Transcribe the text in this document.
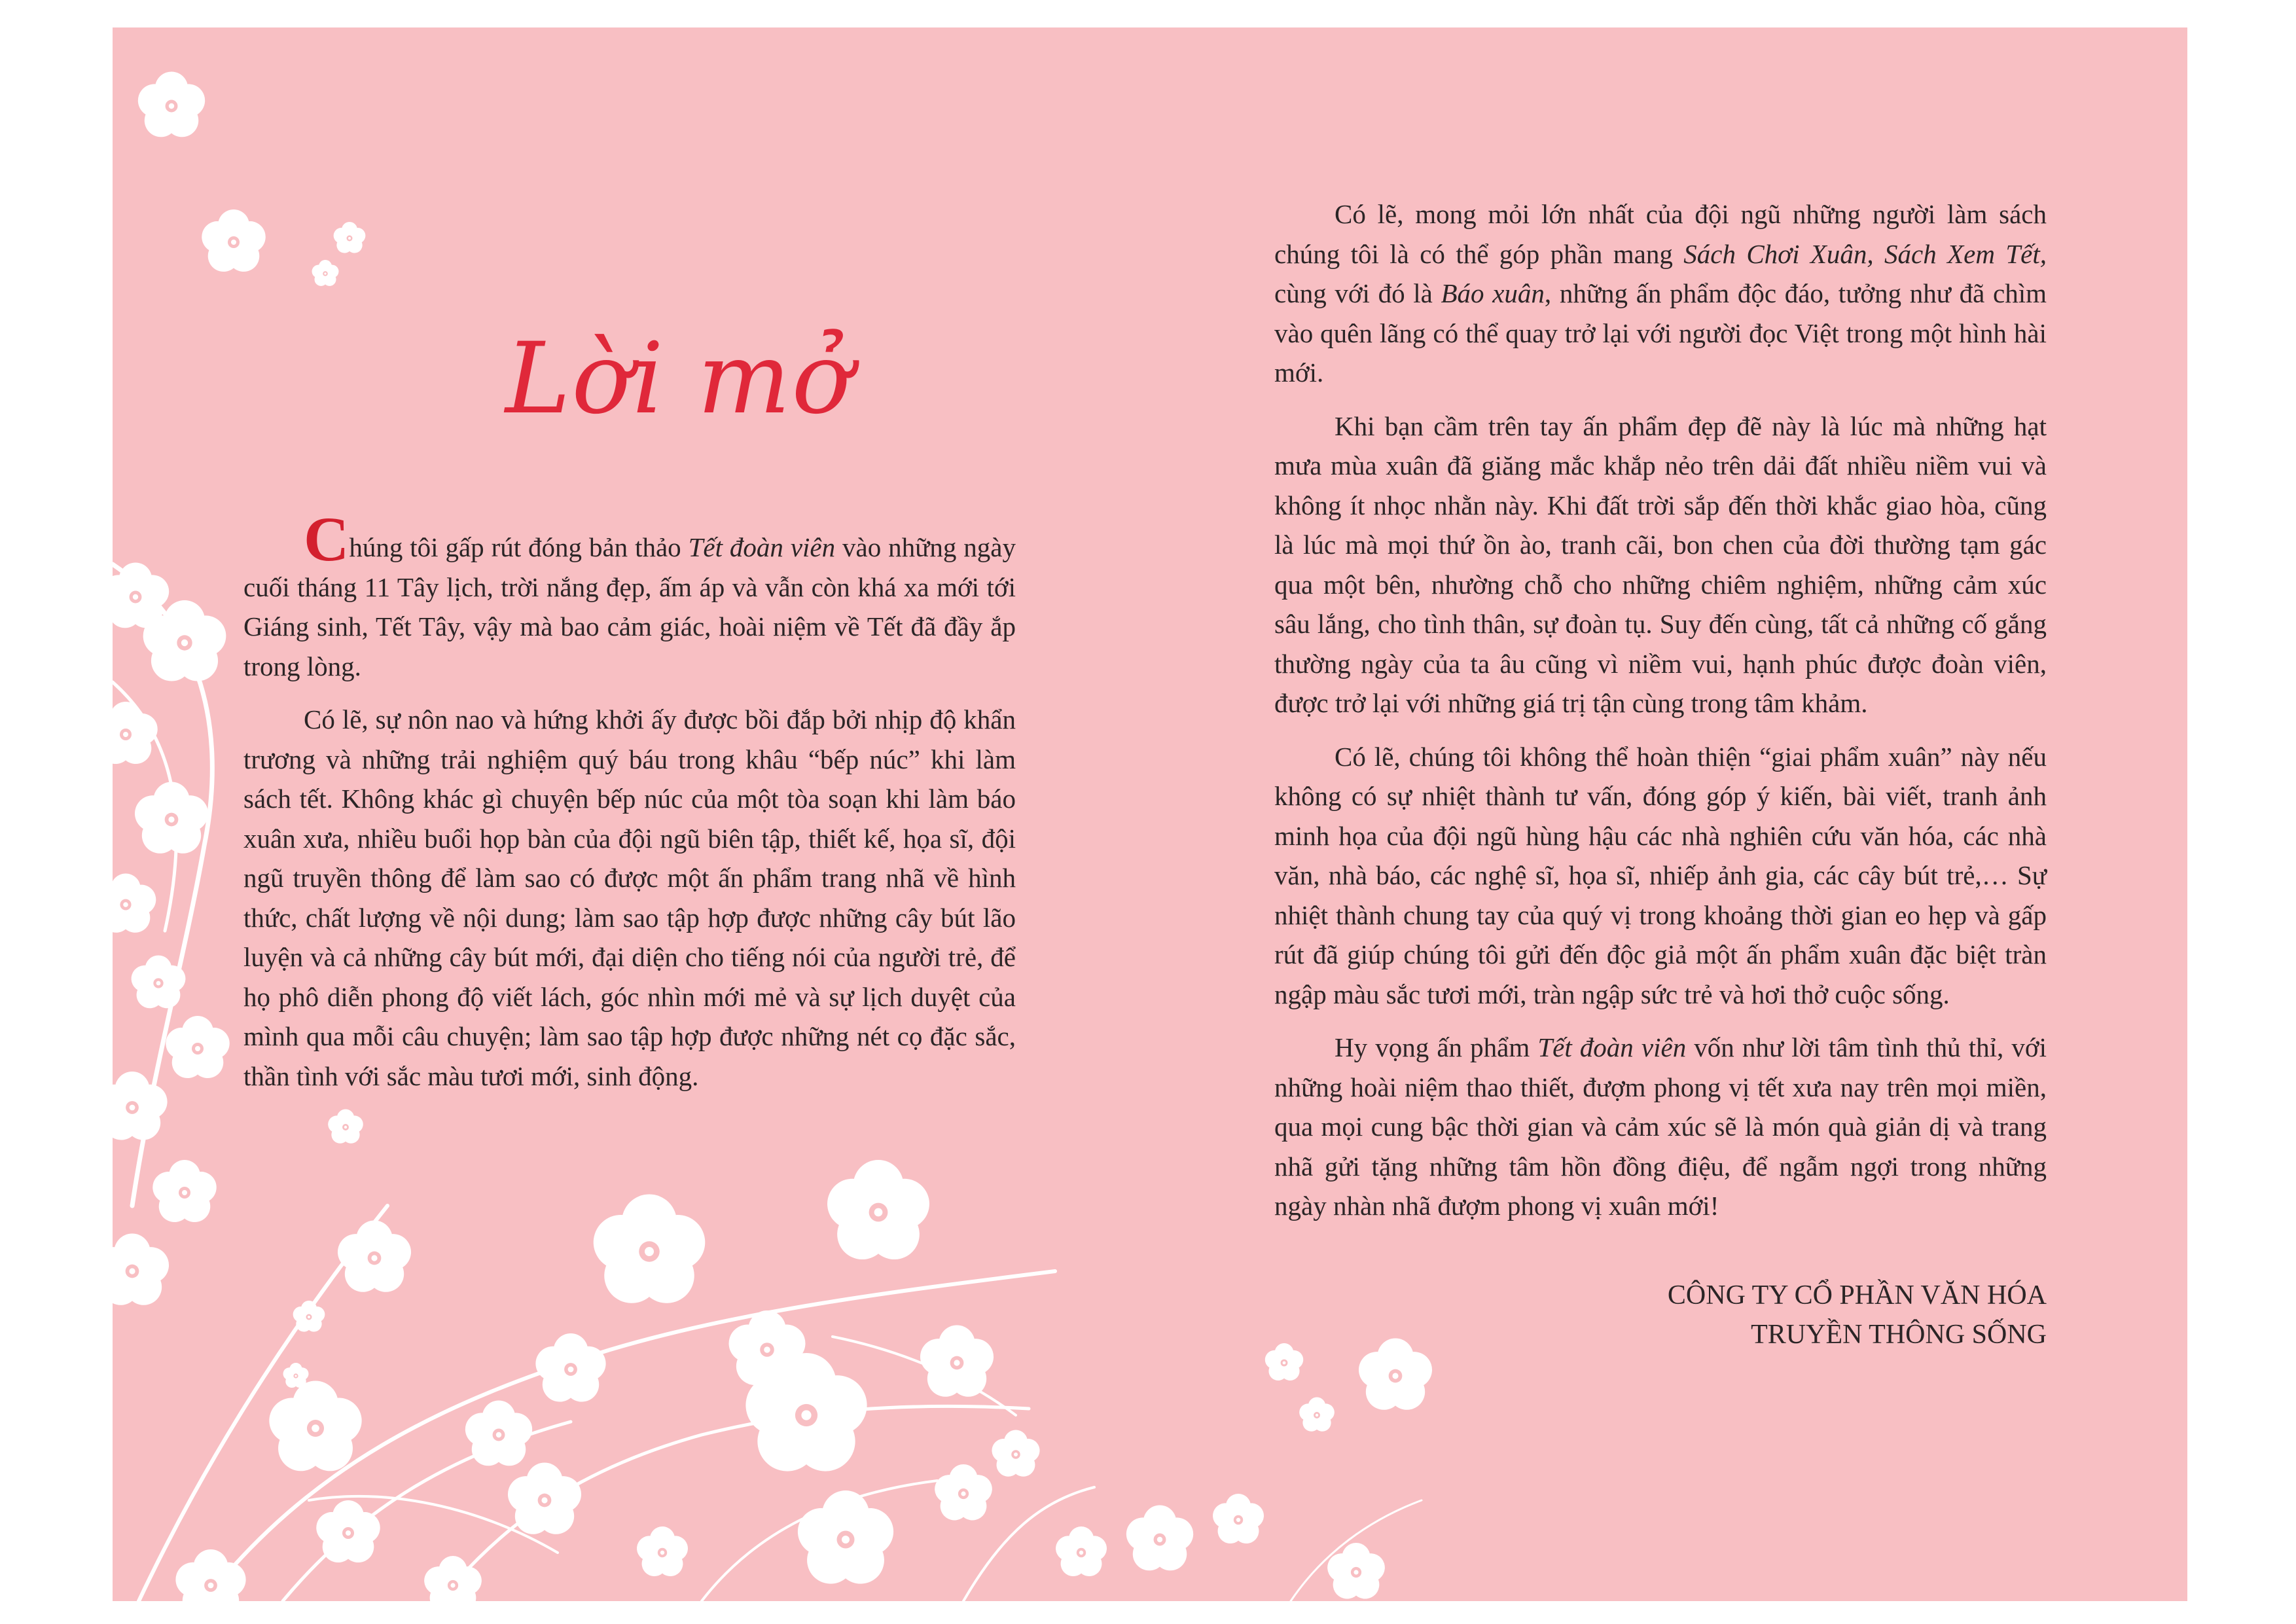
Lời mở

Chúng tôi gấp rút đóng bản thảo Tết đoàn viên vào những ngày cuối tháng 11 Tây lịch, trời nắng đẹp, ấm áp và vẫn còn khá xa mới tới Giáng sinh, Tết Tây, vậy mà bao cảm giác, hoài niệm về Tết đã đầy ắp trong lòng.

Có lẽ, sự nôn nao và hứng khởi ấy được bồi đắp bởi nhịp độ khẩn trương và những trải nghiệm quý báu trong khâu “bếp núc” khi làm sách tết. Không khác gì chuyện bếp núc của một tòa soạn khi làm báo xuân xưa, nhiều buổi họp bàn của đội ngũ biên tập, thiết kế, họa sĩ, đội ngũ truyền thông để làm sao có được một ấn phẩm trang nhã về hình thức, chất lượng về nội dung; làm sao tập hợp được những cây bút lão luyện và cả những cây bút mới, đại diện cho tiếng nói của người trẻ, để họ phô diễn phong độ viết lách, góc nhìn mới mẻ và sự lịch duyệt của mình qua mỗi câu chuyện; làm sao tập hợp được những nét cọ đặc sắc, thần tình với sắc màu tươi mới, sinh động.

Có lẽ, mong mỏi lớn nhất của đội ngũ những người làm sách chúng tôi là có thể góp phần mang Sách Chơi Xuân, Sách Xem Tết, cùng với đó là Báo xuân, những ấn phẩm độc đáo, tưởng như đã chìm vào quên lãng có thể quay trở lại với người đọc Việt trong một hình hài mới.

Khi bạn cầm trên tay ấn phẩm đẹp đẽ này là lúc mà những hạt mưa mùa xuân đã giăng mắc khắp nẻo trên dải đất nhiều niềm vui và không ít nhọc nhằn này. Khi đất trời sắp đến thời khắc giao hòa, cũng là lúc mà mọi thứ ồn ào, tranh cãi, bon chen của đời thường tạm gác qua một bên, nhường chỗ cho những chiêm nghiệm, những cảm xúc sâu lắng, cho tình thân, sự đoàn tụ. Suy đến cùng, tất cả những cố gắng thường ngày của ta âu cũng vì niềm vui, hạnh phúc được đoàn viên, được trở lại với những giá trị tận cùng trong tâm khảm.

Có lẽ, chúng tôi không thể hoàn thiện “giai phẩm xuân” này nếu không có sự nhiệt thành tư vấn, đóng góp ý kiến, bài viết, tranh ảnh minh họa của đội ngũ hùng hậu các nhà nghiên cứu văn hóa, các nhà văn, nhà báo, các nghệ sĩ, họa sĩ, nhiếp ảnh gia, các cây bút trẻ,… Sự nhiệt thành chung tay của quý vị trong khoảng thời gian eo hẹp và gấp rút đã giúp chúng tôi gửi đến độc giả một ấn phẩm xuân đặc biệt tràn ngập màu sắc tươi mới, tràn ngập sức trẻ và hơi thở cuộc sống.

Hy vọng ấn phẩm Tết đoàn viên vốn như lời tâm tình thủ thỉ, với những hoài niệm thao thiết, đượm phong vị tết xưa nay trên mọi miền, qua mọi cung bậc thời gian và cảm xúc sẽ là món quà giản dị và trang nhã gửi tặng những tâm hồn đồng điệu, để ngẫm ngợi trong những ngày nhàn nhã đượm phong vị xuân mới!

CÔNG TY CỔ PHẦN VĂN HÓA
TRUYỀN THÔNG SỐNG
